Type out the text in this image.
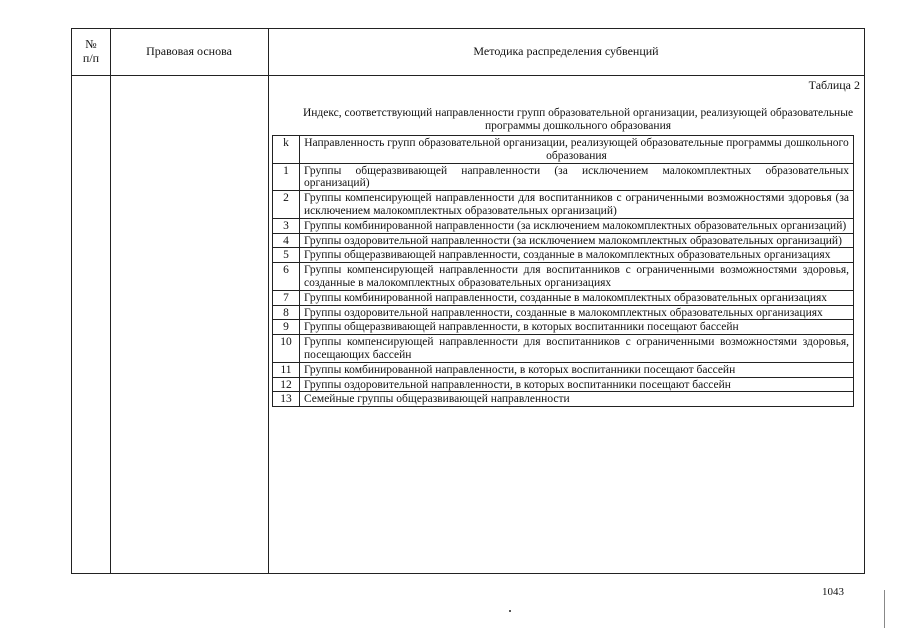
№
п/п	Правовая основа	Методика распределения субвенций
Таблица 2
Индекс, соответствующий направленности групп образовательной организации, реализующей образовательные программы дошкольного образования
k	Направленность групп образовательной организации, реализующей образовательные программы дошкольного образования
1	Группы общеразвивающей направленности (за исключением малокомплектных образовательных организаций)
2	Группы компенсирующей направленности для воспитанников с ограниченными возможностями здоровья (за исключением малокомплектных образовательных организаций)
3	Группы комбинированной направленности (за исключением малокомплектных образовательных организаций)
4	Группы оздоровительной направленности (за исключением малокомплектных образовательных организаций)
5	Группы общеразвивающей направленности, созданные в малокомплектных образовательных организациях
6	Группы компенсирующей направленности для воспитанников с ограниченными возможностями здоровья, созданные в малокомплектных образовательных организациях
7	Группы комбинированной направленности, созданные в малокомплектных образовательных организациях
8	Группы оздоровительной направленности, созданные в малокомплектных образовательных организациях
9	Группы общеразвивающей направленности, в которых воспитанники посещают бассейн
10	Группы компенсирующей направленности для воспитанников с ограниченными возможностями здоровья, посещающих бассейн
11	Группы комбинированной направленности, в которых воспитанники посещают бассейн
12	Группы оздоровительной направленности, в которых воспитанники посещают бассейн
13	Семейные группы общеразвивающей направленности
1043
